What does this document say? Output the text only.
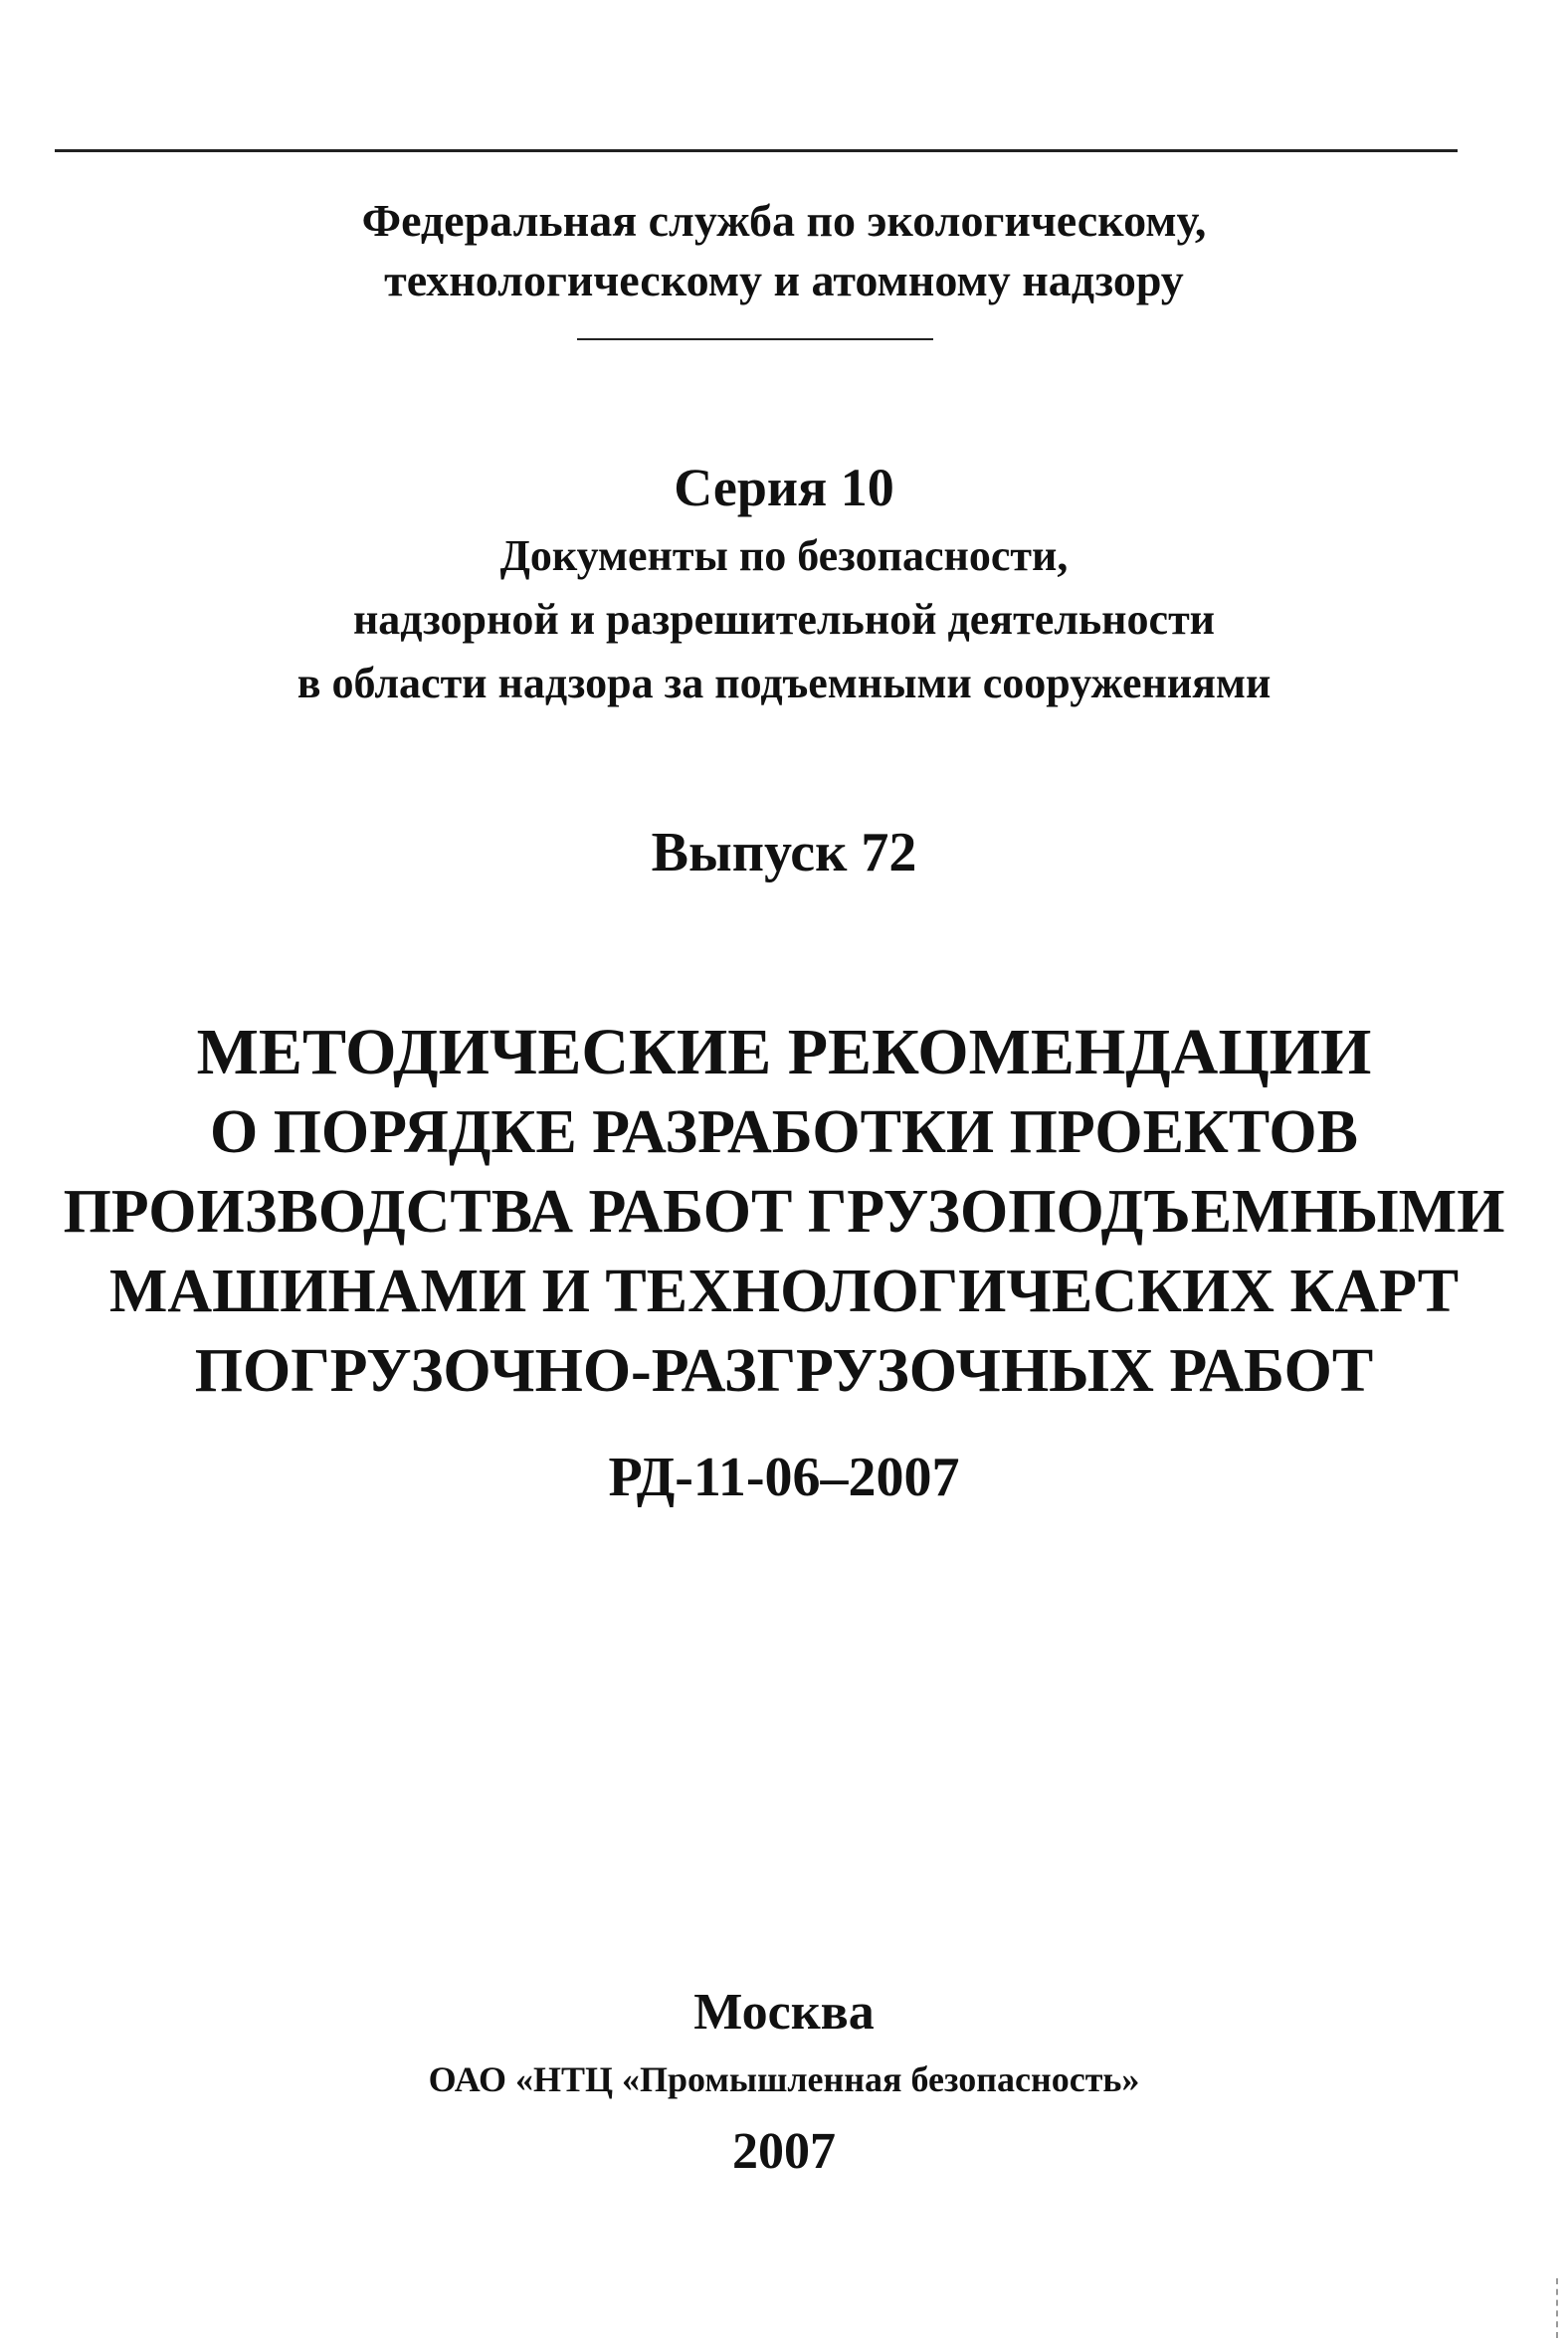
Федеральная служба по экологическому,
технологическому и атомному надзору
Серия 10
Документы по безопасности,
надзорной и разрешительной деятельности
в области надзора за подъемными сооружениями
Выпуск 72
МЕТОДИЧЕСКИЕ РЕКОМЕНДАЦИИ
О ПОРЯДКЕ РАЗРАБОТКИ ПРОЕКТОВ
ПРОИЗВОДСТВА РАБОТ ГРУЗОПОДЪЕМНЫМИ
МАШИНАМИ И ТЕХНОЛОГИЧЕСКИХ КАРТ
ПОГРУЗОЧНО-РАЗГРУЗОЧНЫХ РАБОТ
РД-11-06–2007
Москва
ОАО «НТЦ «Промышленная безопасность»
2007
